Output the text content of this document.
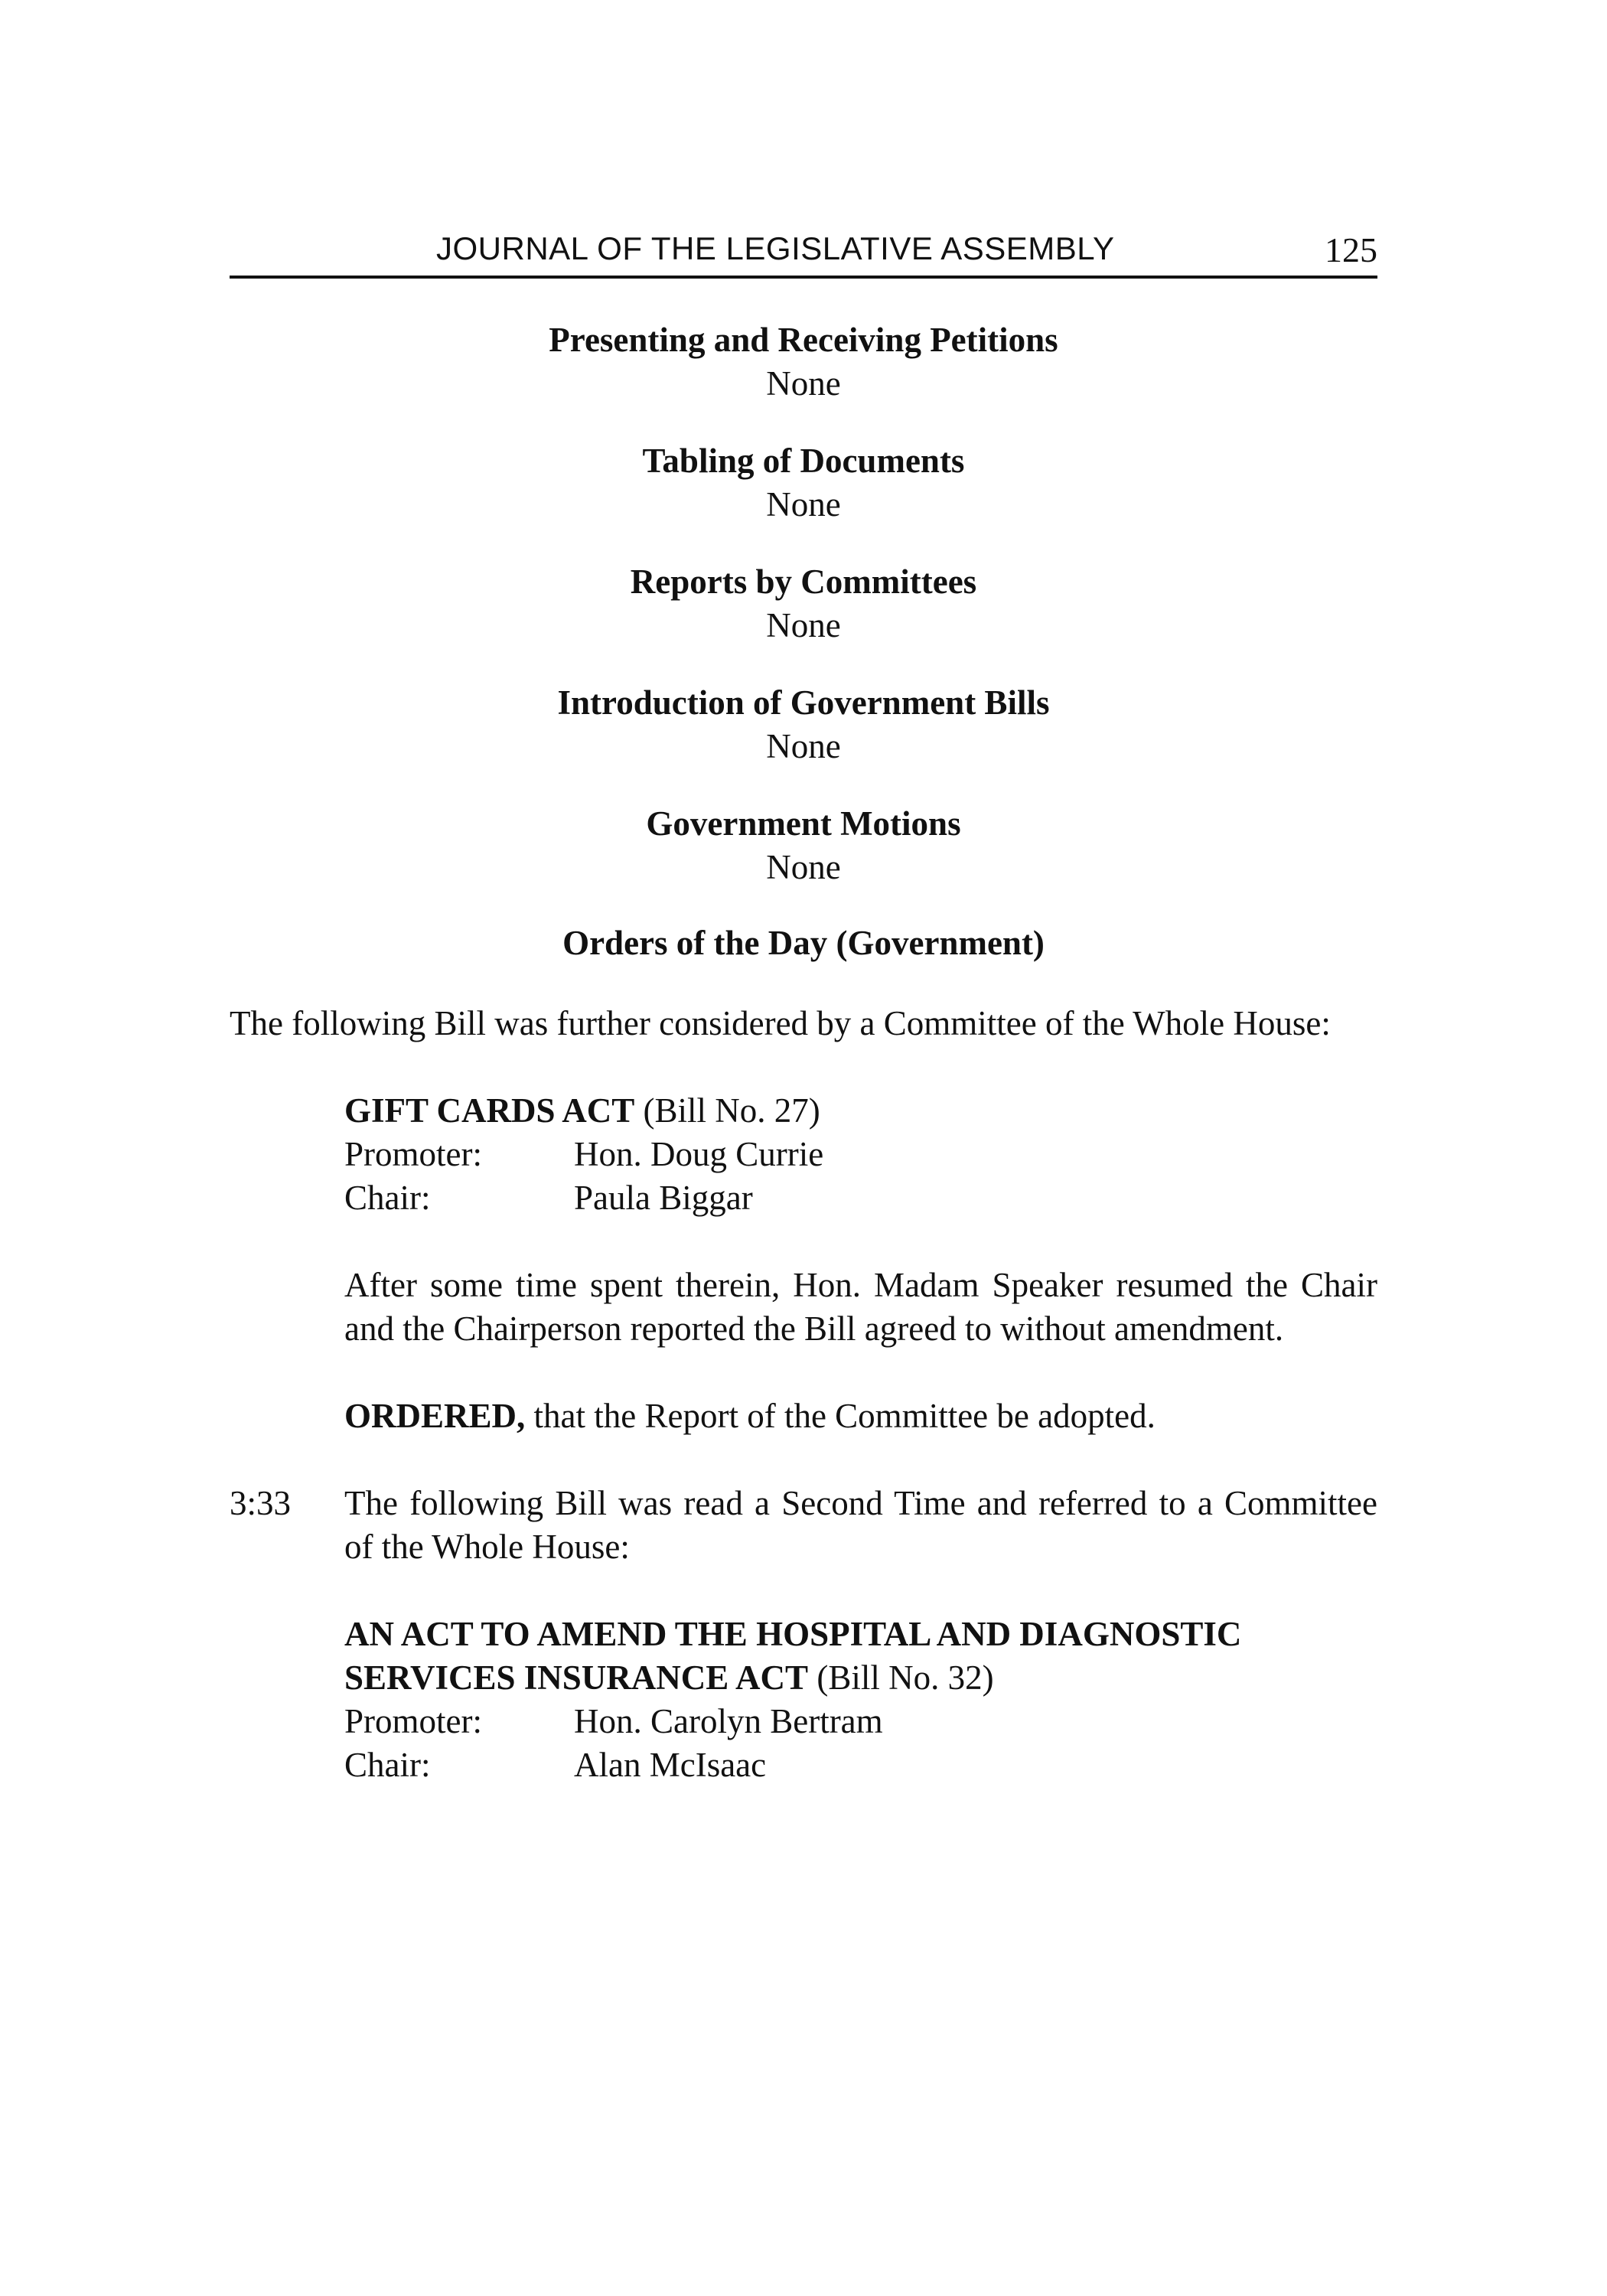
JOURNAL OF THE LEGISLATIVE ASSEMBLY	125
Presenting and Receiving Petitions
None
Tabling of Documents
None
Reports by Committees
None
Introduction of Government Bills
None
Government Motions
None
Orders of the Day (Government)

The following Bill was further considered by a Committee of the Whole House:

GIFT CARDS ACT (Bill No. 27)
Promoter:	Hon. Doug Currie
Chair:	Paula Biggar

After some time spent therein, Hon. Madam Speaker resumed the Chair and the Chairperson reported the Bill agreed to without amendment.

ORDERED, that the Report of the Committee be adopted.

3:33	The following Bill was read a Second Time and referred to a Committee of the Whole House:
AN ACT TO AMEND THE HOSPITAL AND DIAGNOSTIC SERVICES INSURANCE ACT (Bill No. 32)
Promoter:	Hon. Carolyn Bertram
Chair:	Alan McIsaac
